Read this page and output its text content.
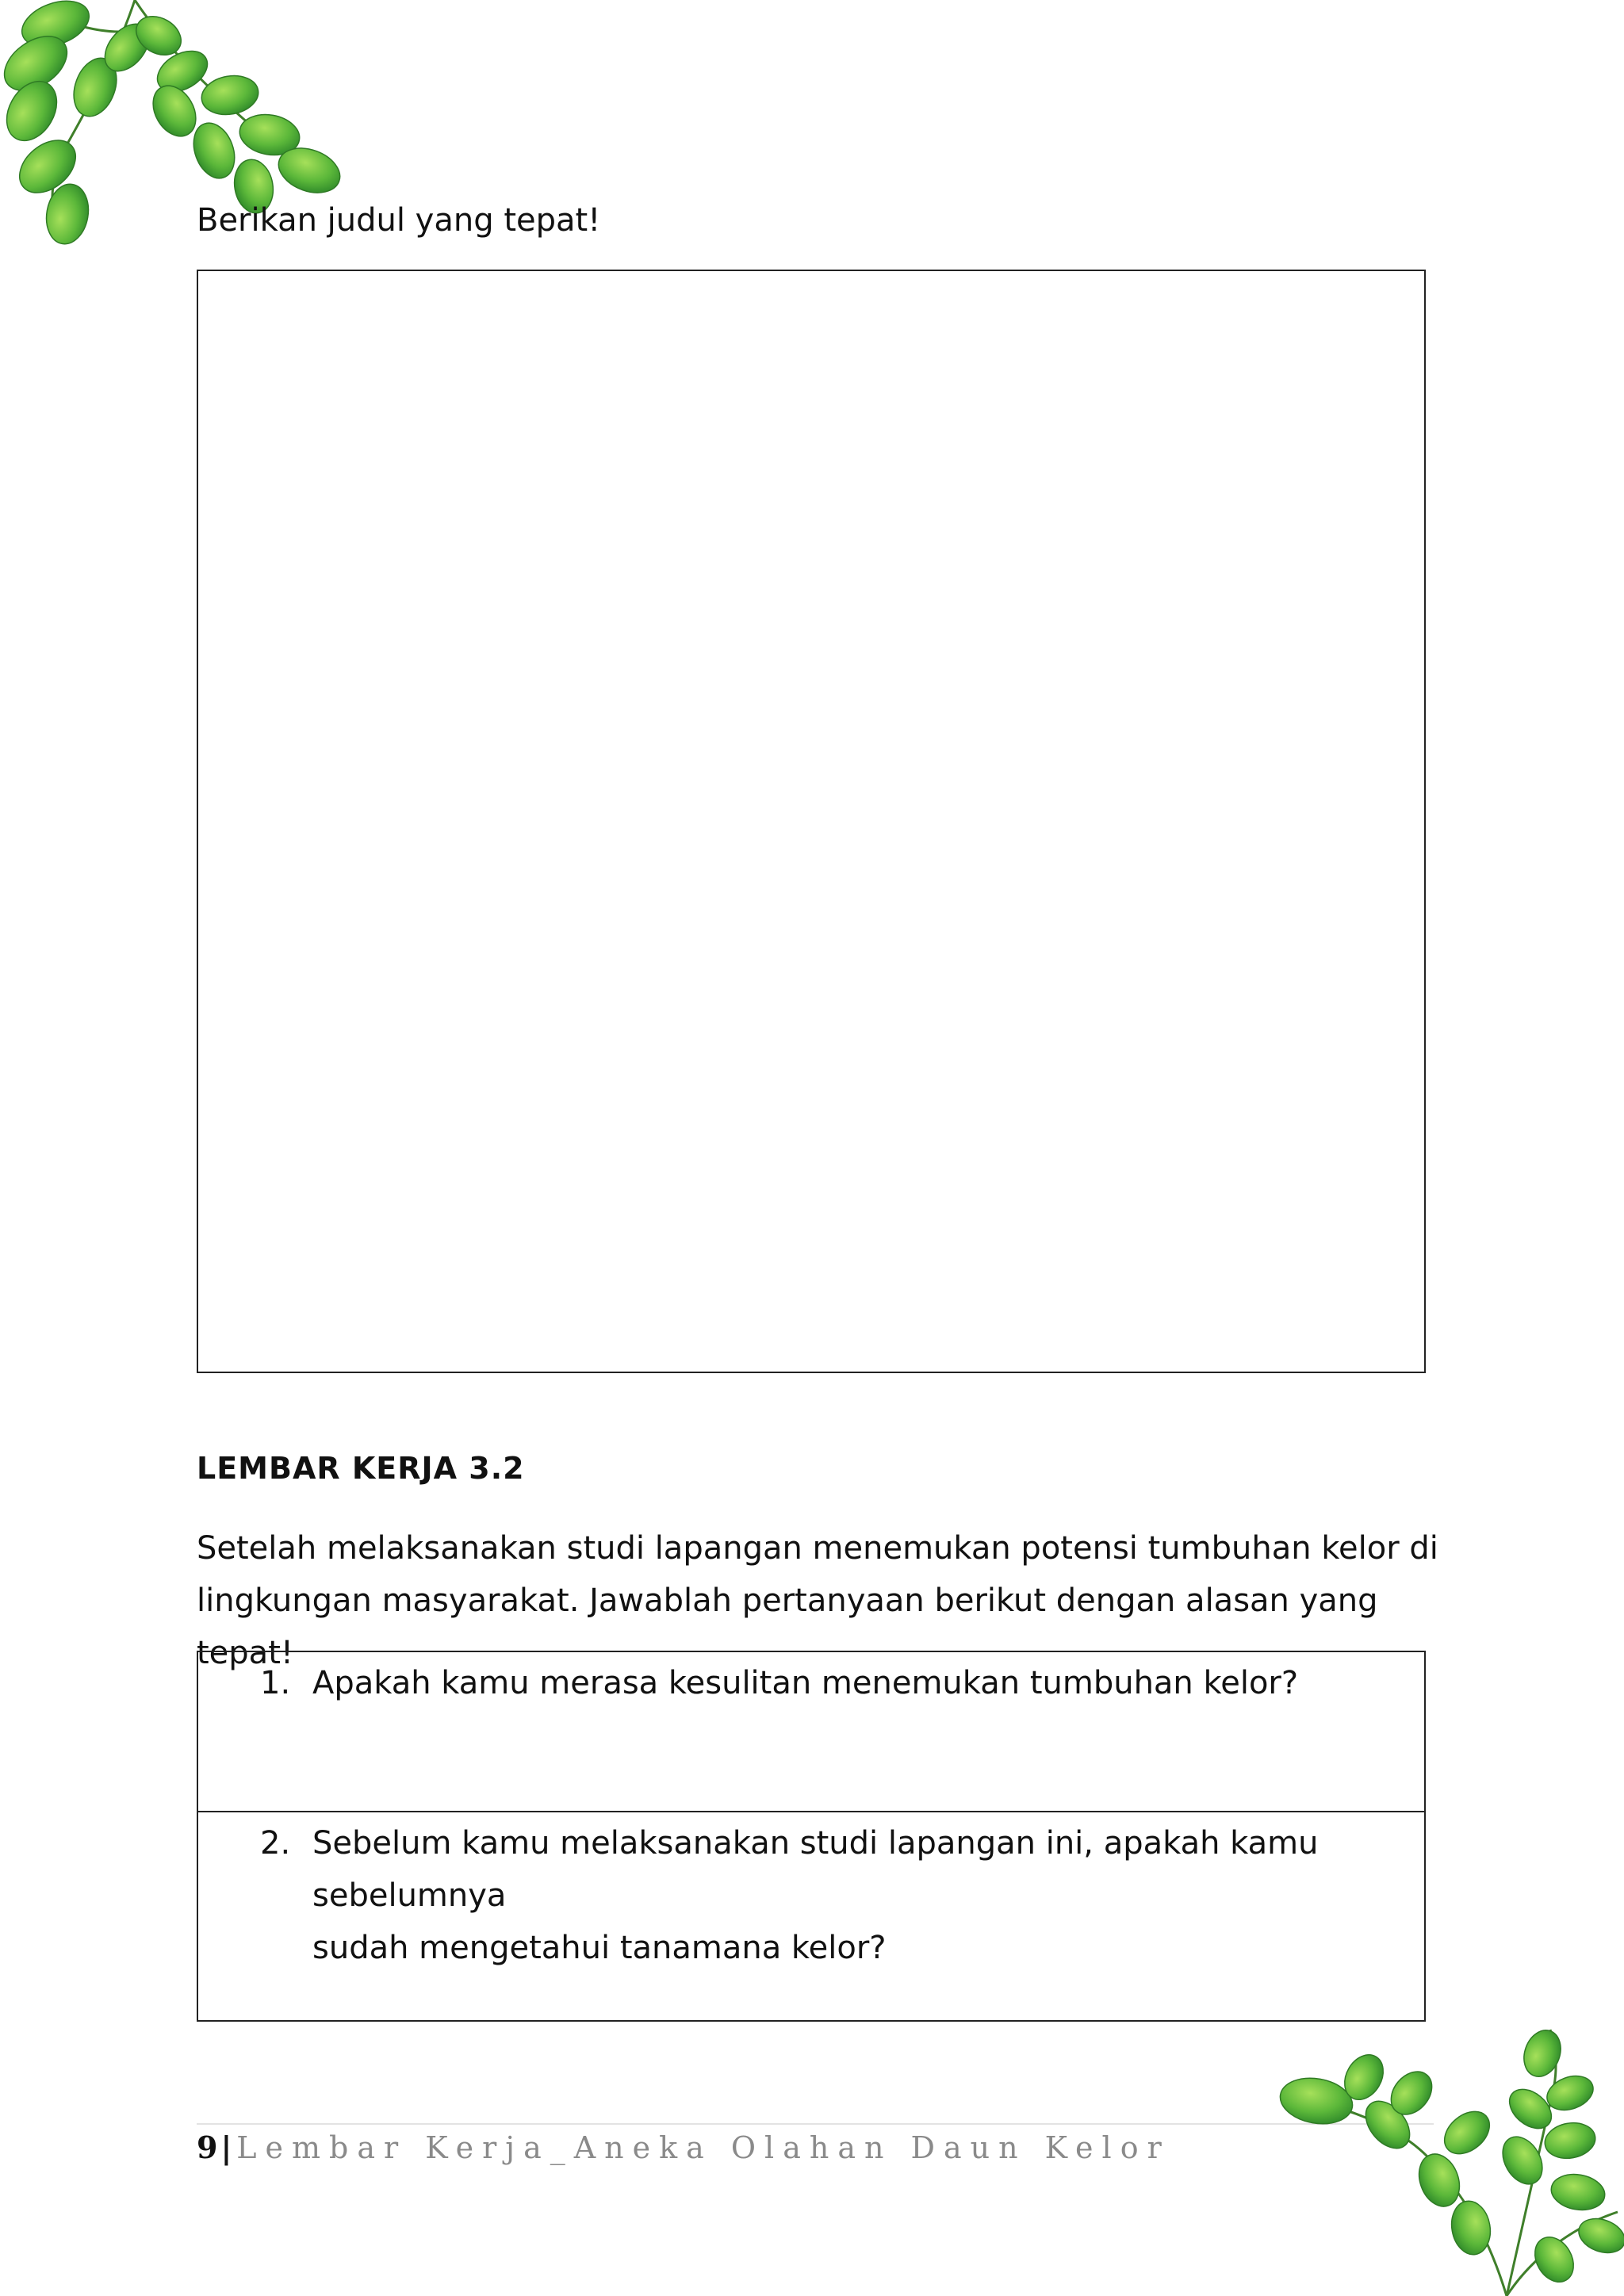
Berikan judul yang tepat!

LEMBAR KERJA 3.2

Setelah melaksanakan studi lapangan menemukan potensi tumbuhan kelor di
lingkungan masyarakat. Jawablah pertanyaan berikut dengan alasan yang tepat!

1. Apakah kamu merasa kesulitan menemukan tumbuhan kelor?

2. Sebelum kamu melaksanakan studi lapangan ini, apakah kamu sebelumnya
sudah mengetahui tanamana kelor?

9 | Lembar Kerja_Aneka Olahan Daun Kelor
